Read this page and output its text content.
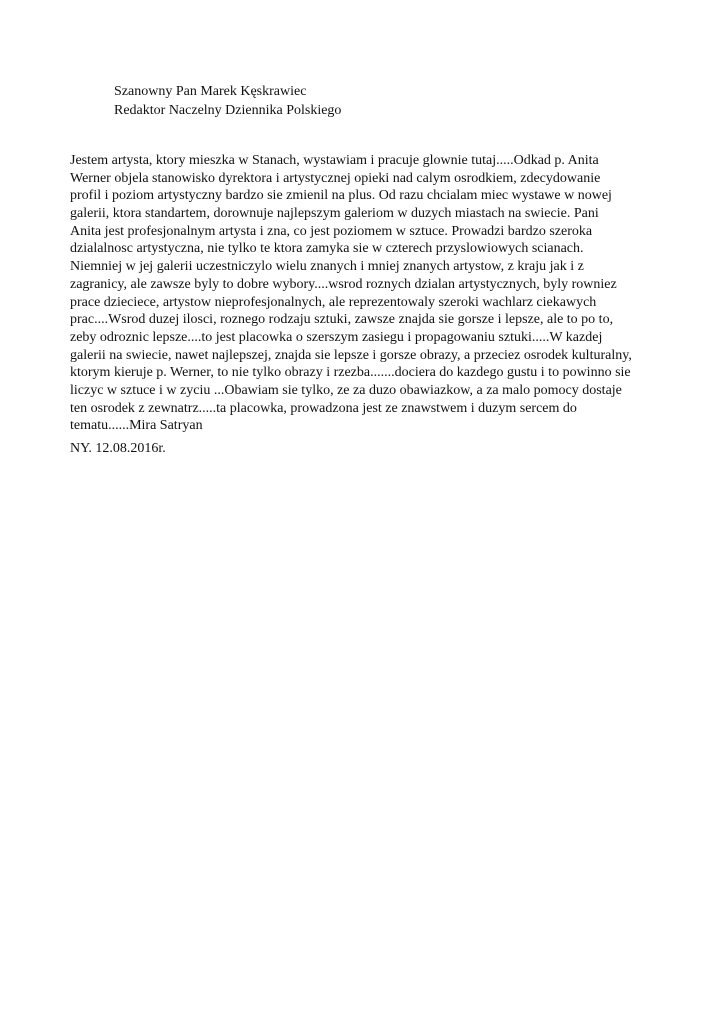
Szanowny Pan Marek Kęskrawiec
Redaktor Naczelny Dziennika Polskiego
Jestem artysta, ktory mieszka w Stanach, wystawiam i pracuje glownie tutaj.....Odkad p. Anita
Werner objela stanowisko dyrektora i artystycznej opieki nad calym osrodkiem, zdecydowanie
profil i poziom artystyczny bardzo sie zmienil na plus. Od razu chcialam miec wystawe w nowej
galerii, ktora standartem, dorownuje najlepszym galeriom w duzych miastach na swiecie. Pani
Anita jest profesjonalnym artysta i zna, co jest poziomem w sztuce. Prowadzi bardzo szeroka
dzialalnosc artystyczna, nie tylko te ktora zamyka sie w czterech przyslowiowych scianach.
Niemniej w jej galerii uczestniczylo wielu znanych i mniej znanych artystow, z kraju jak i z
zagranicy, ale zawsze byly to dobre wybory....wsrod roznych dzialan artystycznych, byly rowniez
prace dzieciece, artystow nieprofesjonalnych, ale reprezentowaly szeroki wachlarz ciekawych
prac....Wsrod duzej ilosci, roznego rodzaju sztuki, zawsze znajda sie gorsze i lepsze, ale to po to,
zeby odroznic lepsze....to jest placowka o szerszym zasiegu i propagowaniu sztuki.....W kazdej
galerii na swiecie, nawet najlepszej, znajda sie lepsze i gorsze obrazy, a przeciez osrodek kulturalny,
ktorym kieruje p. Werner, to nie tylko obrazy i rzezba.......dociera do kazdego gustu i to powinno sie
liczyc w sztuce i w zyciu ...Obawiam sie tylko, ze za duzo obawiazkow, a za malo pomocy dostaje
ten osrodek z zewnatrz.....ta placowka, prowadzona jest ze znawstwem i duzym sercem do
tematu......Mira Satryan
NY. 12.08.2016r.
